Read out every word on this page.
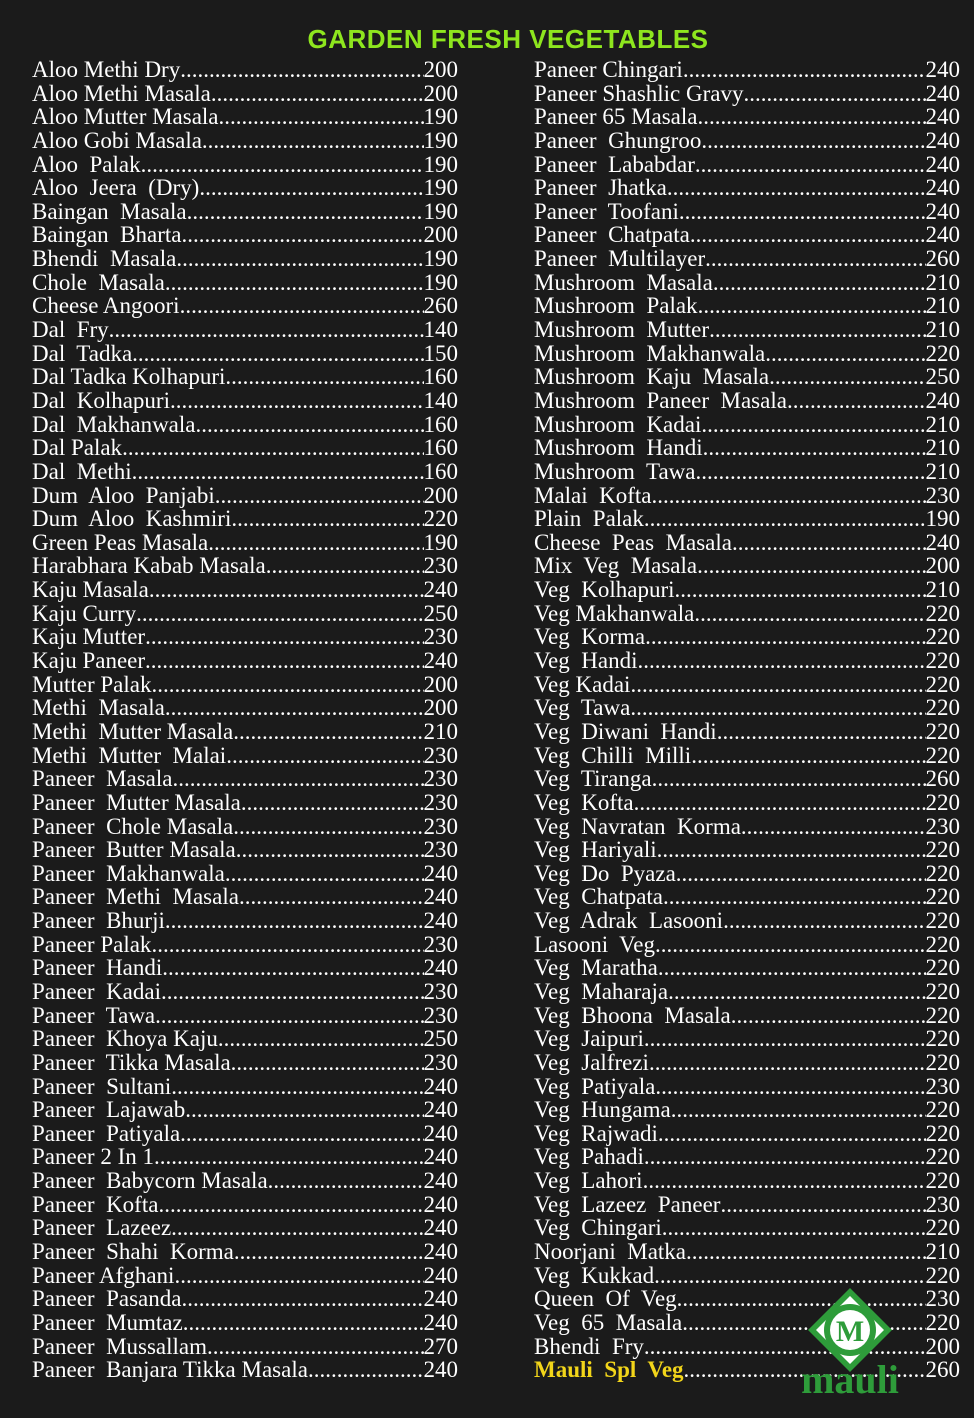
GARDEN FRESH VEGETABLES
Aloo Methi Dry .....	200
Aloo Methi Masala .....	200
Aloo Mutter Masala .....	190
Aloo Gobi Masala .....	190
Aloo  Palak .....	190
Aloo  Jeera  (Dry) .....	190
Baingan  Masala .....	190
Baingan  Bharta .....	200
Bhendi  Masala .....	190
Chole  Masala .....	190
Cheese Angoori .....	260
Dal  Fry .....	140
Dal  Tadka .....	150
Dal Tadka Kolhapuri .....	160
Dal  Kolhapuri .....	140
Dal  Makhanwala .....	160
Dal Palak .....	160
Dal  Methi .....	160
Dum  Aloo  Panjabi .....	200
Dum  Aloo  Kashmiri .....	220
Green Peas Masala .....	190
Harabhara Kabab Masala .....	230
Kaju Masala .....	240
Kaju Curry .....	250
Kaju Mutter .....	230
Kaju Paneer .....	240
Mutter Palak .....	200
Methi  Masala .....	200
Methi  Mutter Masala .....	210
Methi  Mutter  Malai .....	230
Paneer  Masala .....	230
Paneer  Mutter Masala .....	230
Paneer  Chole Masala .....	230
Paneer  Butter Masala .....	230
Paneer  Makhanwala .....	240
Paneer  Methi  Masala .....	240
Paneer  Bhurji .....	240
Paneer Palak .....	230
Paneer  Handi .....	240
Paneer  Kadai .....	230
Paneer  Tawa .....	230
Paneer  Khoya Kaju .....	250
Paneer  Tikka Masala .....	230
Paneer  Sultani .....	240
Paneer  Lajawab .....	240
Paneer  Patiyala .....	240
Paneer 2 In 1 .....	240
Paneer  Babycorn Masala .....	240
Paneer  Kofta .....	240
Paneer  Lazeez .....	240
Paneer  Shahi  Korma .....	240
Paneer Afghani .....	240
Paneer  Pasanda .....	240
Paneer  Mumtaz .....	240
Paneer  Mussallam .....	270
Paneer  Banjara Tikka Masala .....	240
Paneer Chingari .....	240
Paneer Shashlic Gravy .....	240
Paneer 65 Masala .....	240
Paneer  Ghungroo .....	240
Paneer  Lababdar .....	240
Paneer  Jhatka .....	240
Paneer  Toofani .....	240
Paneer  Chatpata .....	240
Paneer  Multilayer .....	260
Mushroom  Masala .....	210
Mushroom  Palak .....	210
Mushroom  Mutter .....	210
Mushroom  Makhanwala .....	220
Mushroom  Kaju  Masala .....	250
Mushroom  Paneer  Masala .....	240
Mushroom  Kadai .....	210
Mushroom  Handi .....	210
Mushroom  Tawa .....	210
Malai  Kofta .....	230
Plain  Palak .....	190
Cheese  Peas  Masala .....	240
Mix  Veg  Masala .....	200
Veg  Kolhapuri .....	210
Veg Makhanwala .....	220
Veg  Korma .....	220
Veg  Handi .....	220
Veg Kadai .....	220
Veg  Tawa .....	220
Veg  Diwani  Handi .....	220
Veg  Chilli  Milli .....	220
Veg  Tiranga .....	260
Veg  Kofta .....	220
Veg  Navratan  Korma .....	230
Veg  Hariyali .....	220
Veg  Do  Pyaza .....	220
Veg  Chatpata .....	220
Veg  Adrak  Lasooni .....	220
Lasooni  Veg .....	220
Veg  Maratha .....	220
Veg  Maharaja .....	220
Veg  Bhoona  Masala .....	220
Veg  Jaipuri .....	220
Veg  Jalfrezi .....	220
Veg  Patiyala .....	230
Veg  Hungama .....	220
Veg  Rajwadi .....	220
Veg  Pahadi .....	220
Veg  Lahori .....	220
Veg  Lazeez  Paneer .....	230
Veg  Chingari .....	220
Noorjani  Matka .....	210
Veg  Kukkad .....	220
Queen  Of  Veg .....	230
Veg  65  Masala .....	220
Bhendi  Fry .....	200
Mauli  Spl  Veg .....	260
M
mauli
